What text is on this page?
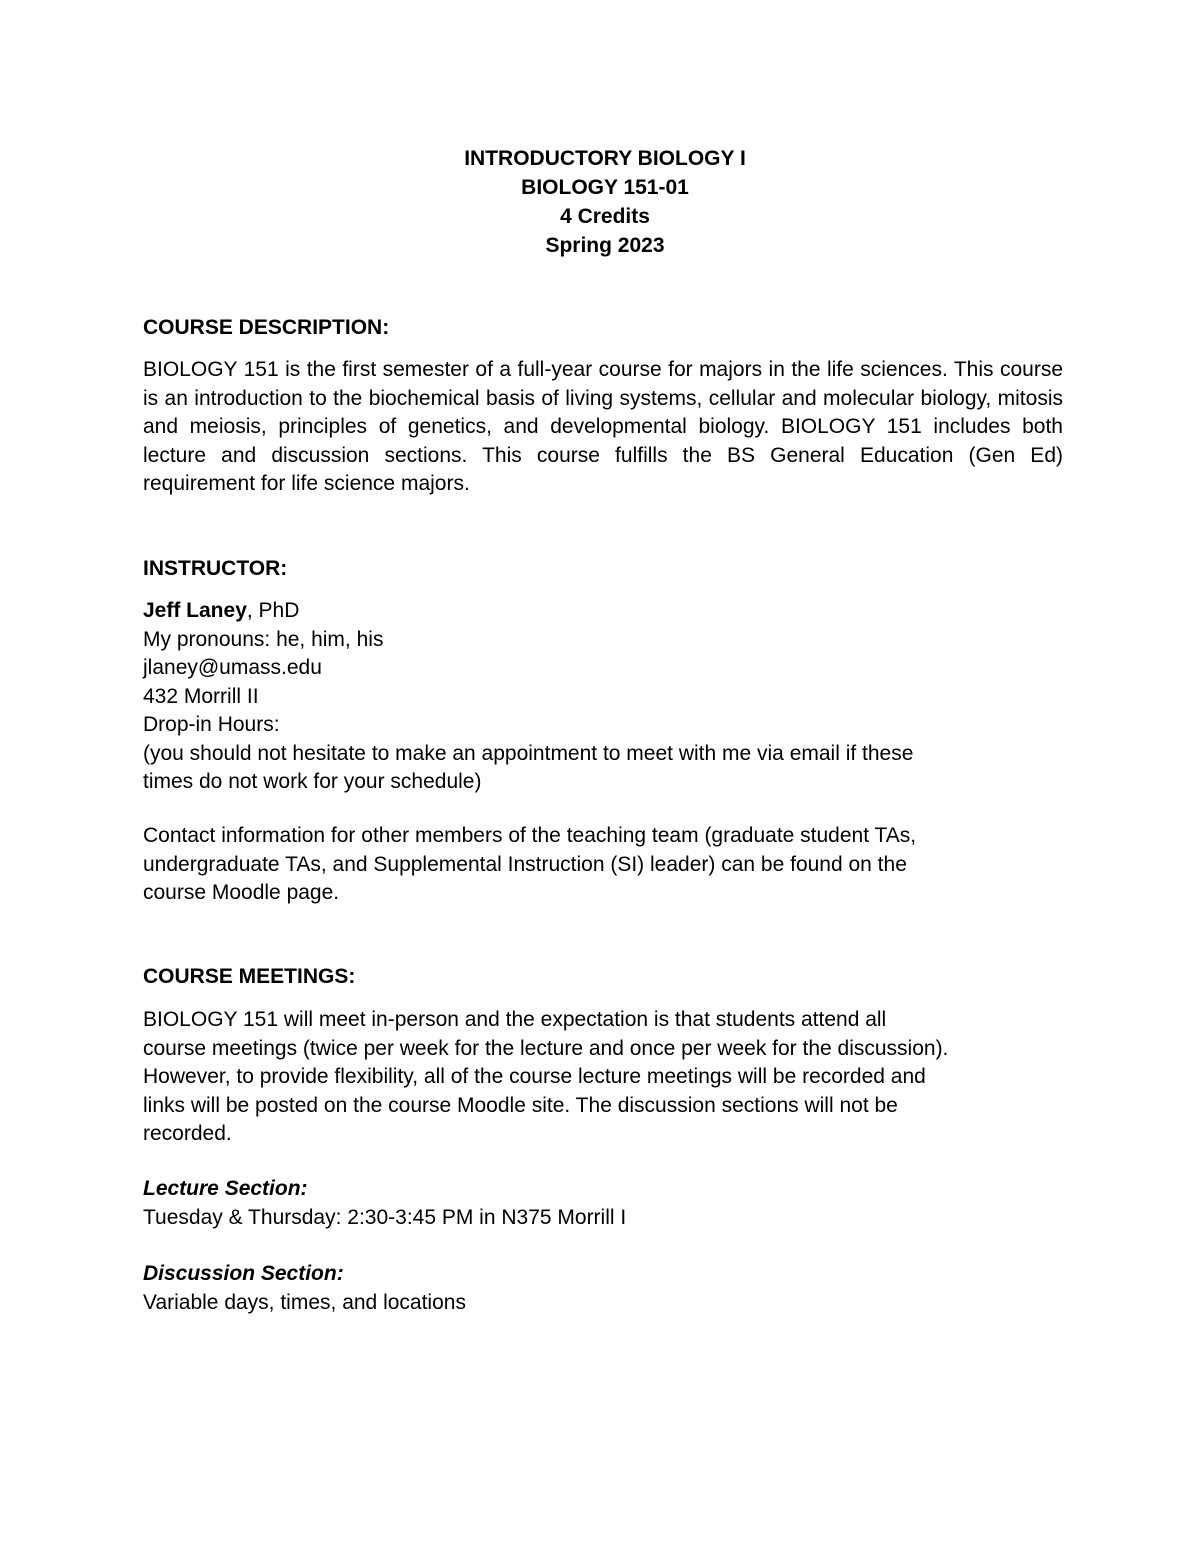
INTRODUCTORY BIOLOGY I
BIOLOGY 151-01
4 Credits
Spring 2023

COURSE DESCRIPTION:

BIOLOGY 151 is the first semester of a full-year course for majors in the life sciences. This course is an introduction to the biochemical basis of living systems, cellular and molecular biology, mitosis and meiosis, principles of genetics, and developmental biology. BIOLOGY 151 includes both lecture and discussion sections. This course fulfills the BS General Education (Gen Ed) requirement for life science majors.

INSTRUCTOR:

Jeff Laney, PhD
My pronouns: he, him, his
jlaney@umass.edu
432 Morrill II
Drop-in Hours:
(you should not hesitate to make an appointment to meet with me via email if these
times do not work for your schedule)
Contact information for other members of the teaching team (graduate student TAs,
undergraduate TAs, and Supplemental Instruction (SI) leader) can be found on the
course Moodle page.

COURSE MEETINGS:

BIOLOGY 151 will meet in-person and the expectation is that students attend all
course meetings (twice per week for the lecture and once per week for the discussion).
However, to provide flexibility, all of the course lecture meetings will be recorded and
links will be posted on the course Moodle site. The discussion sections will not be
recorded.
Lecture Section:
Tuesday & Thursday: 2:30-3:45 PM in N375 Morrill I
Discussion Section:
Variable days, times, and locations
